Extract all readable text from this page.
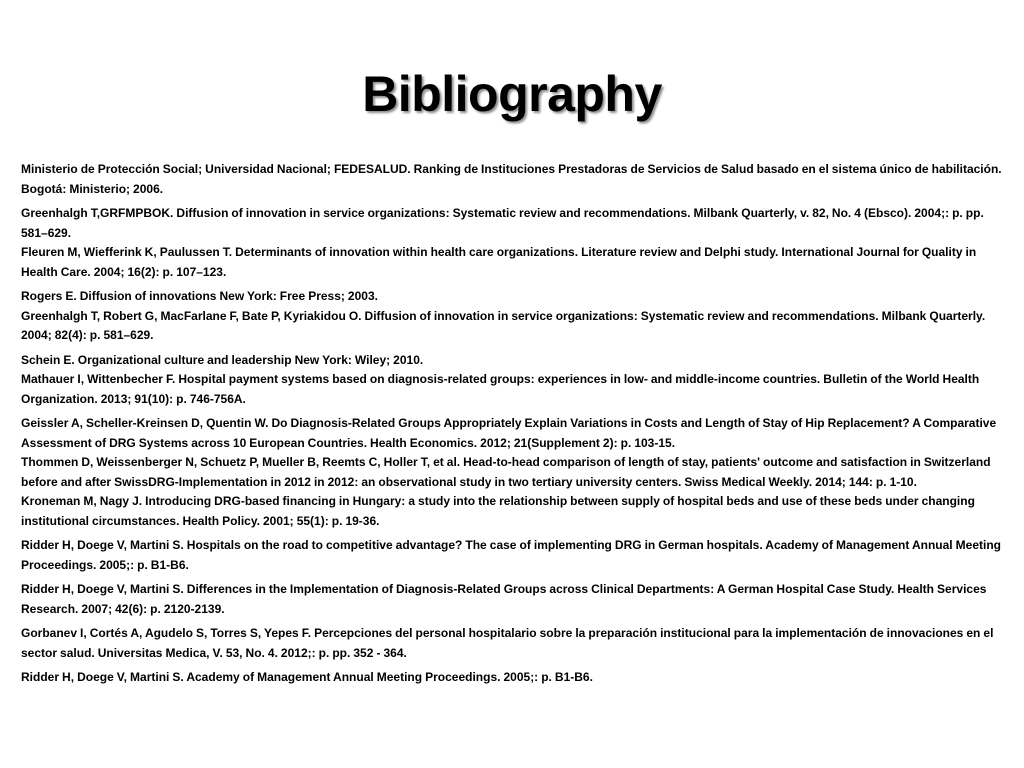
Bibliography

Ministerio de Protección Social; Universidad Nacional; FEDESALUD. Ranking de Instituciones Prestadoras de Servicios de Salud basado en el sistema único de habilitación. Bogotá: Ministerio; 2006.

Greenhalgh T,GRFMPBOK. Diffusion of innovation in service organizations: Systematic review and recommendations. Milbank Quarterly, v. 82, No. 4 (Ebsco). 2004;: p. pp. 581–629.

Fleuren M, Wiefferink K, Paulussen T. Determinants of innovation within health care organizations. Literature review and Delphi study. International Journal for Quality in Health Care. 2004; 16(2): p. 107–123.

Rogers E. Diffusion of innovations New York: Free Press; 2003.

Greenhalgh T, Robert G, MacFarlane F, Bate P, Kyriakidou O. Diffusion of innovation in service organizations: Systematic review and recommendations. Milbank Quarterly. 2004; 82(4): p. 581–629.

Schein E. Organizational culture and leadership New York: Wiley; 2010.

Mathauer I, Wittenbecher F. Hospital payment systems based on diagnosis-related groups: experiences in low- and middle-income countries. Bulletin of the World Health Organization. 2013; 91(10): p. 746-756A.

Geissler A, Scheller-Kreinsen D, Quentin W. Do Diagnosis-Related Groups Appropriately Explain Variations in Costs and Length of Stay of Hip Replacement? A Comparative Assessment of DRG Systems across 10 European Countries. Health Economics. 2012; 21(Supplement 2): p. 103-15.

Thommen D, Weissenberger N, Schuetz P, Mueller B, Reemts C, Holler T, et al. Head-to-head comparison of length of stay, patients' outcome and satisfaction in Switzerland before and after SwissDRG-Implementation in 2012 in 2012: an observational study in two tertiary university centers. Swiss Medical Weekly. 2014; 144: p. 1-10.

Kroneman M, Nagy J. Introducing DRG-based financing in Hungary: a study into the relationship between supply of hospital beds and use of these beds under changing institutional circumstances. Health Policy. 2001; 55(1): p. 19-36.

Ridder H, Doege V, Martini S. Hospitals on the road to competitive advantage? The case of implementing DRG in German hospitals. Academy of Management Annual Meeting Proceedings. 2005;: p. B1-B6.

Ridder H, Doege V, Martini S. Differences in the Implementation of Diagnosis-Related Groups across Clinical Departments: A German Hospital Case Study. Health Services Research. 2007; 42(6): p. 2120-2139.

Gorbanev I, Cortés A, Agudelo S, Torres S, Yepes F. Percepciones del personal hospitalario sobre la preparación institucional para la implementación de innovaciones en el sector salud. Universitas Medica, V. 53, No. 4. 2012;: p. pp. 352 - 364.

Ridder H, Doege V, Martini S. Academy of Management Annual Meeting Proceedings. 2005;: p. B1-B6.
